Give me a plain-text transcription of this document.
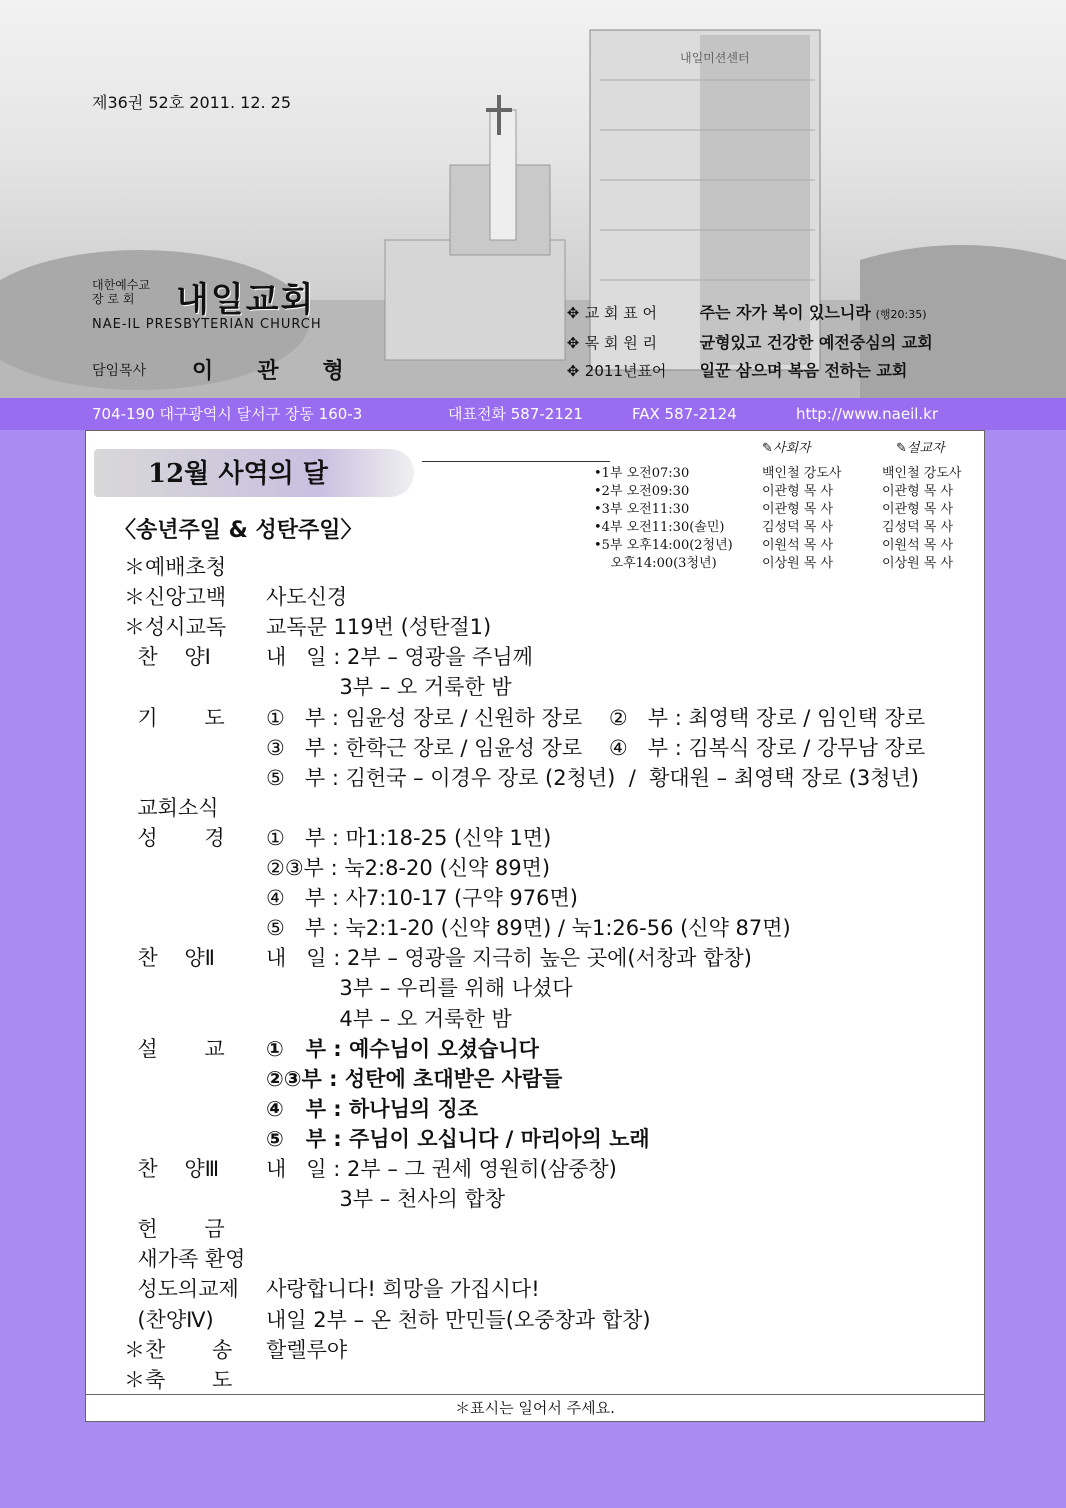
내일미션센터
제36권 52호 2011. 12. 25
대한예수교
장 로 회	내일교회
NAE-IL PRESBYTERIAN CHURCH
담임목사 이관형
✥ 교 회 표 어	주는 자가 복이 있느니라 (행20:35)
✥ 목 회 원 리	균형있고 건강한 예전중심의 교회
✥ 2011년표어 일꾼 삼으며 복음 전하는 교회
704-190 대구광역시 달서구 장동 160-3	대표전화 587-2121	FAX 587-2124	http://www.naeil.kr
12월 사역의 달
✎사회자	✎설교자
•1부 오전07:30	백인철 강도사	백인철 강도사
•2부 오전09:30	이관형 목 사	이관형 목 사
•3부 오전11:30	이관형 목 사	이관형 목 사
•4부 오전11:30(솔민)	김성덕 목 사	김성덕 목 사
•5부 오후14:00(2청년) 이원석 목 사	이원석 목 사
오후14:00(3청년)	이상원 목 사	이상원 목 사
〈송년주일 & 성탄주일〉
＊예배초청
＊신앙고백 사도신경
＊성시교독 교독문 119번 (성탄절1)
찬    양Ⅰ	내   일 : 2부 – 영광을 주님께
3부 – 오 거룩한 밤
기       도 ①   부 : 임윤성 장로 / 신원하 장로    ②   부 : 최영택 장로 / 임인택 장로
③   부 : 한학근 장로 / 임윤성 장로    ④   부 : 김복식 장로 / 강무남 장로
⑤   부 : 김헌국 – 이경우 장로 (2청년)  /  황대원 – 최영택 장로 (3청년)
교회소식
성       경 ①   부 : 마1:18-25 (신약 1면)
②③부 : 눅2:8-20 (신약 89면)
④   부 : 사7:10-17 (구약 976면)
⑤   부 : 눅2:1-20 (신약 89면) / 눅1:26-56 (신약 87면)
찬    양Ⅱ 내   일 : 2부 – 영광을 지극히 높은 곳에(서창과 합창)
3부 – 우리를 위해 나셨다
4부 – 오 거룩한 밤
설       교 ①   부 : 예수님이 오셨습니다
②③부 : 성탄에 초대받은 사람들
④   부 : 하나님의 징조
⑤   부 : 주님이 오십니다 / 마리아의 노래
찬    양Ⅲ 내   일 : 2부 – 그 권세 영원히(삼중창)
3부 – 천사의 합창
헌       금
새가족 환영
성도의교제 사랑합니다! 희망을 가집시다!
(찬양Ⅳ) 내일 2부 – 온 천하 만민들(오중창과 합창)
＊찬       송 할렐루야
＊축       도
＊표시는 일어서 주세요.
